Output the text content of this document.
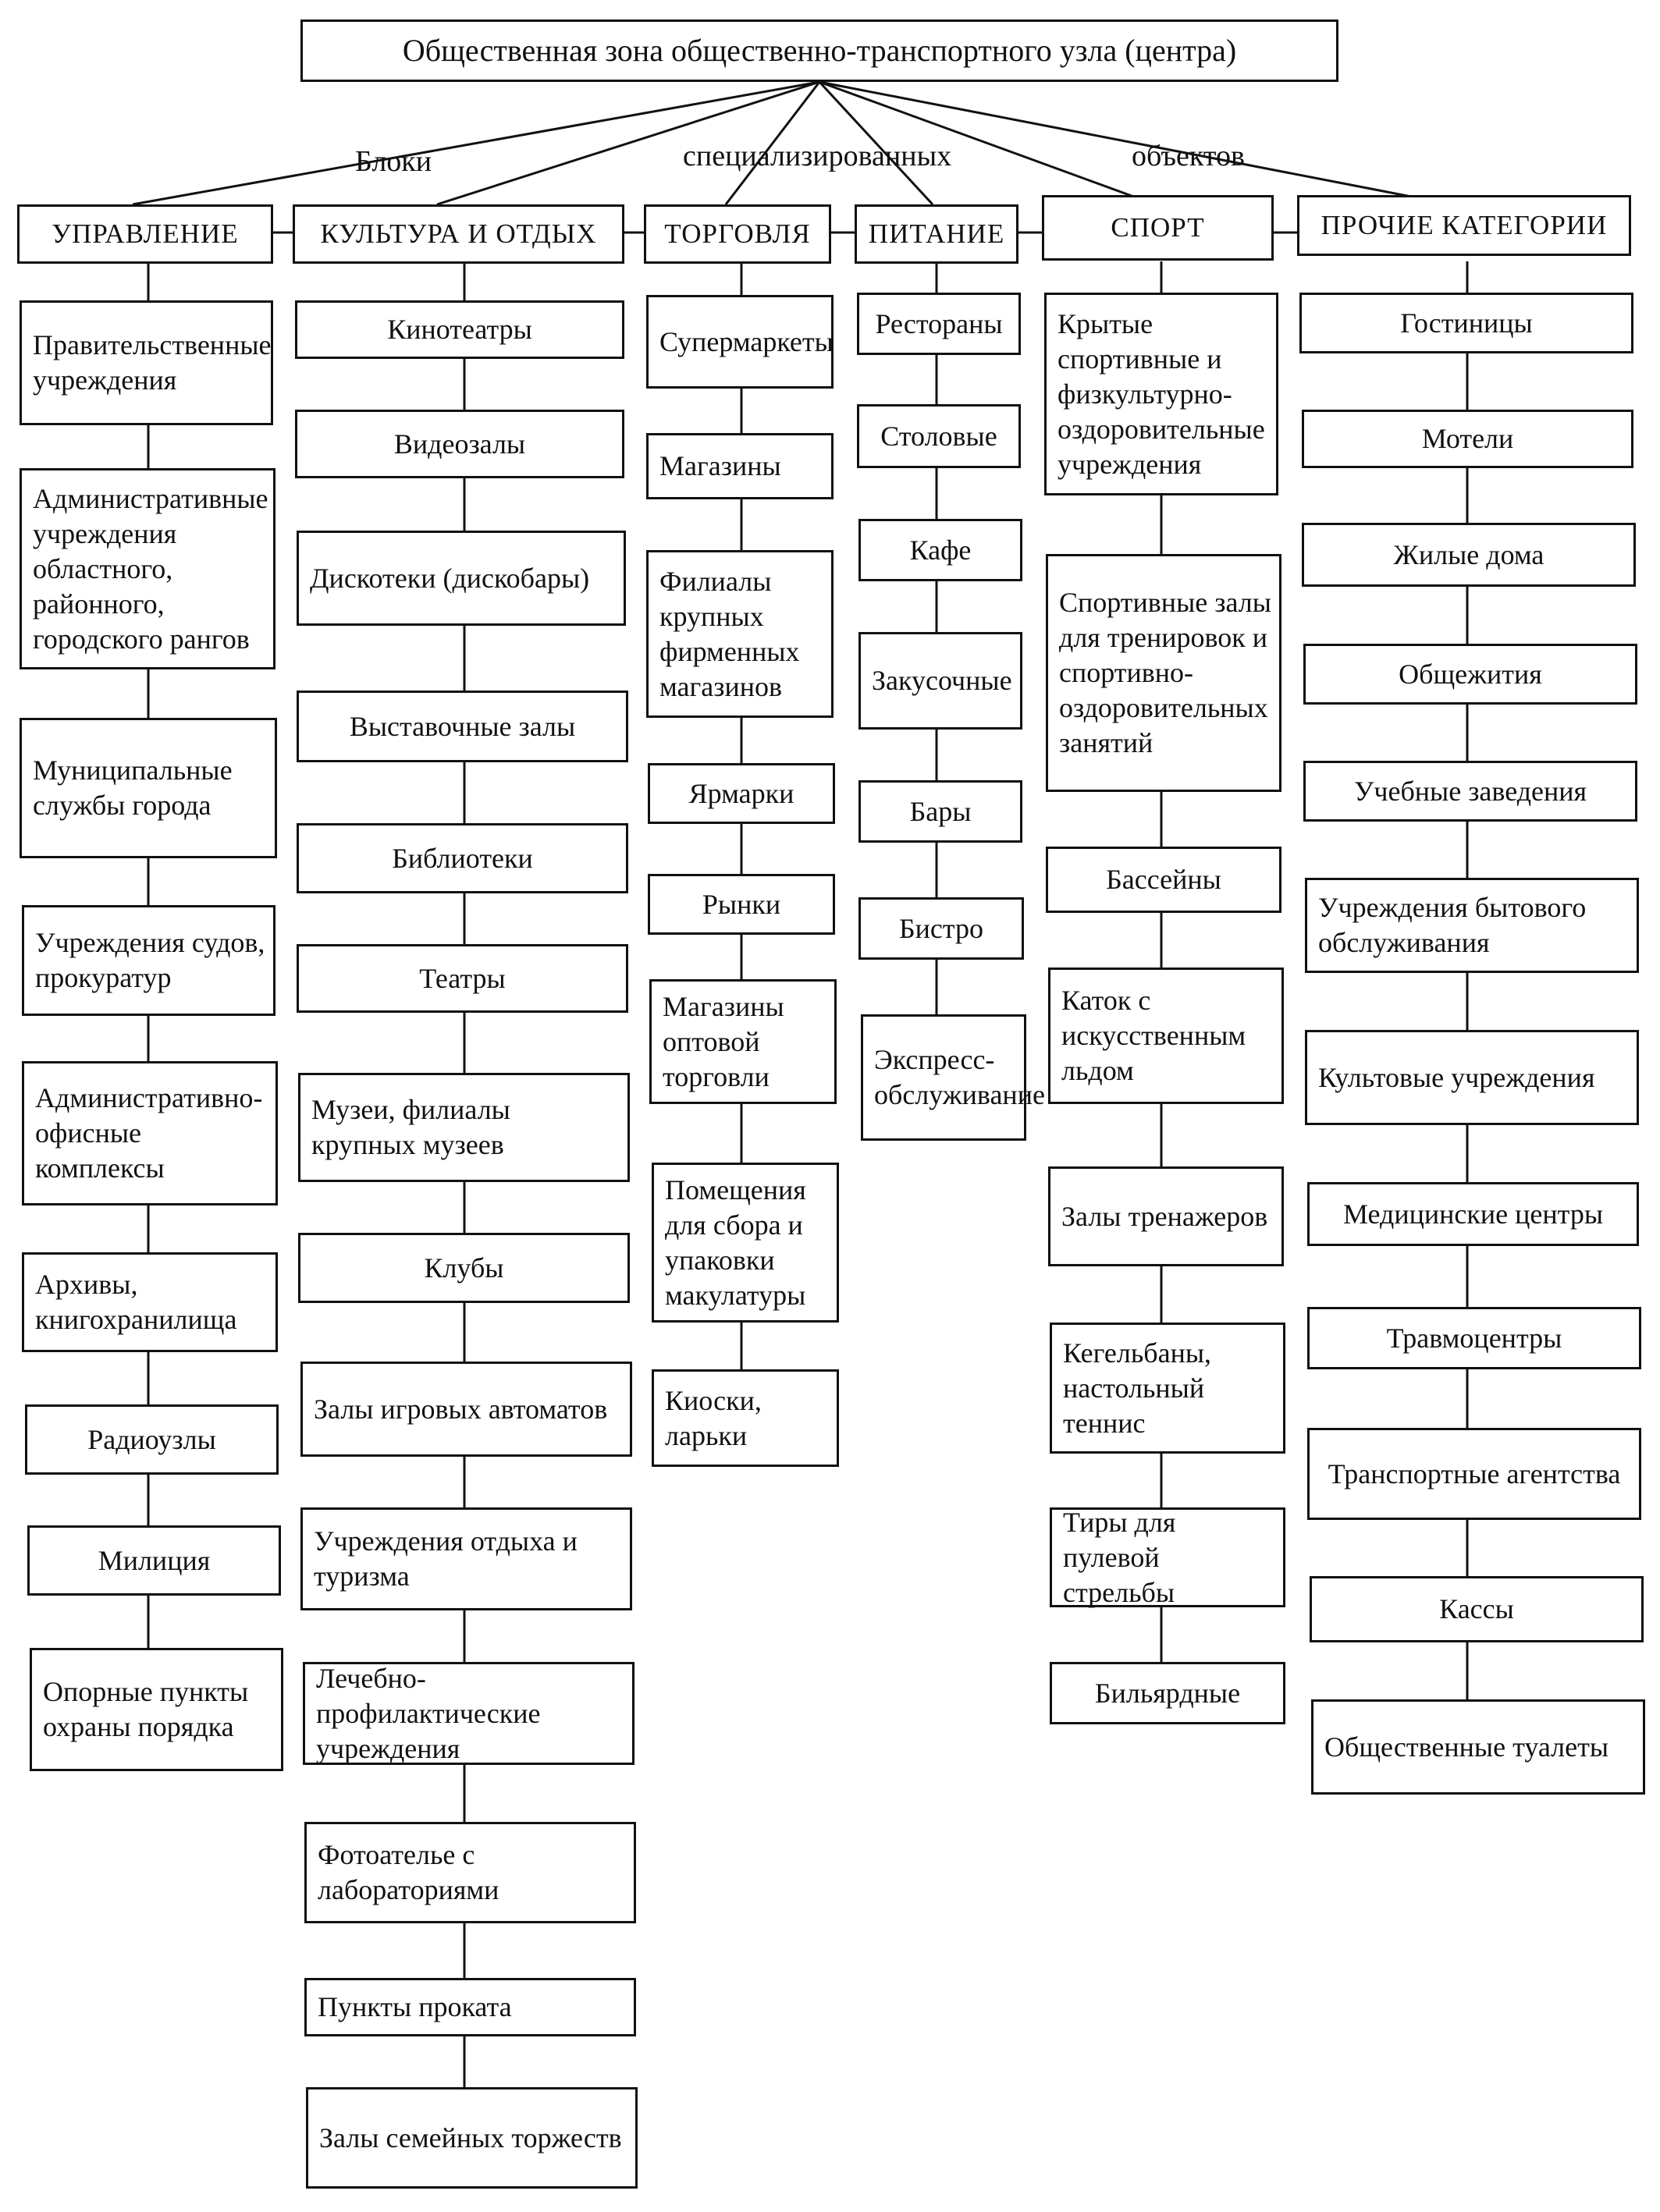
Общественная зона общественно-транспортного узла (центра)
Блоки	специализированных	объектов
УПРАВЛЕНИЕ	КУЛЬТУРА И ОТДЫХ ТОРГОВЛЯ ПИТАНИЕ	СПОРТ	ПРОЧИЕ КАТЕГОРИИ
Правительственные учреждения
Административные учреждения областного, районного, городского рангов
Муниципальные службы города
Учреждения судов, прокуратур
Административно-офисные комплексы
Архивы, книгохранилища
Радиоузлы
Милиция
Опорные пункты охраны порядка
Кинотеатры
Видеозалы
Дискотеки (дискобары)
Выставочные залы
Библиотеки
Театры
Музеи, филиалы крупных музеев
Клубы
Залы игровых автоматов
Учреждения отдыха и туризма
Лечебно-профилактические учреждения
Фотоателье с лабораториями
Пункты проката
Залы семейных торжеств
Супермаркеты
Магазины
Филиалы крупных фирменных магазинов
Ярмарки
Рынки
Магазины оптовой торговли
Помещения для сбора и упаковки макулатуры
Киоски, ларьки
Рестораны
Столовые
Кафе
Закусочные
Бары
Бистро
Экспресс-обслуживание
Крытые спортивные и физкультурно-оздоровительные учреждения
Спортивные залы для тренировок и спортивно-оздоровительных занятий
Бассейны
Каток с искусственным льдом
Залы тренажеров
Кегельбаны, настольный теннис
Тиры для пулевой стрельбы
Бильярдные
Гостиницы
Мотели
Жилые дома
Общежития
Учебные заведения
Учреждения бытового обслуживания
Культовые учреждения
Медицинские центры
Травмоцентры
Транспортные агентства
Кассы
Общественные туалеты
